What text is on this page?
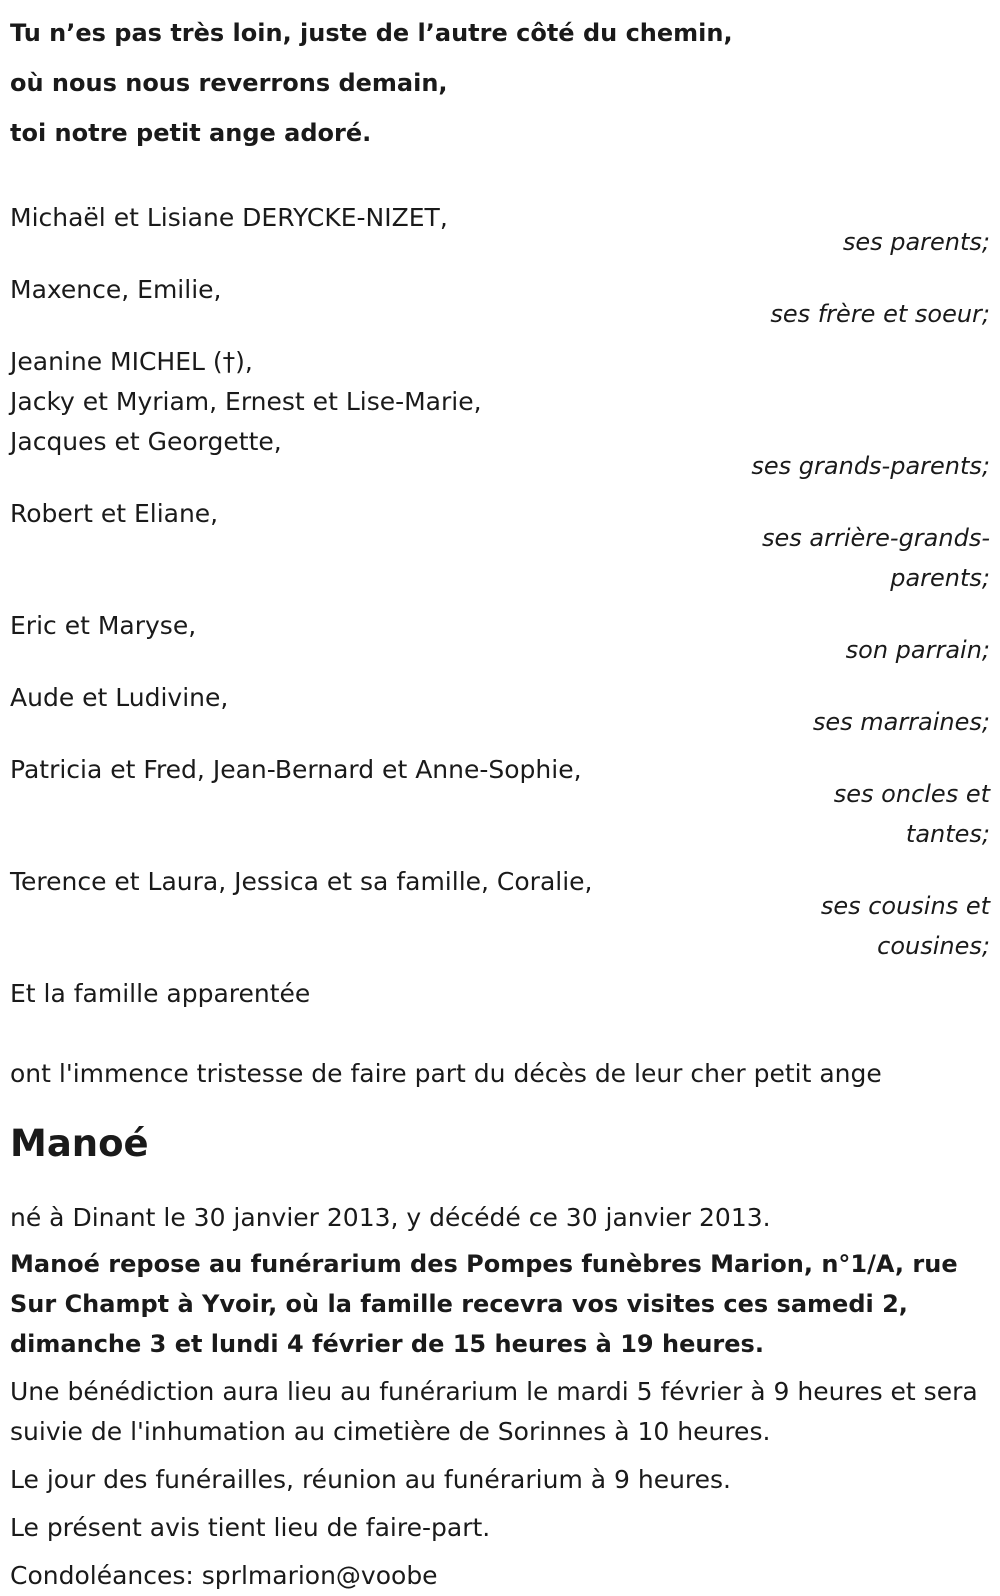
Tu n’es pas très loin, juste de l’autre côté du chemin,
où nous nous reverrons demain,
toi notre petit ange adoré.
Michaël et Lisiane DERYCKE-NIZET,
ses parents;
Maxence, Emilie,
ses frère et soeur;
Jeanine MICHEL (†),
Jacky et Myriam, Ernest et Lise-Marie,
Jacques et Georgette,
ses grands-parents;
Robert et Eliane,
ses arrière-grands-parents;
Eric et Maryse,
son parrain;
Aude et Ludivine,
ses marraines;
Patricia et Fred, Jean-Bernard et Anne-Sophie,
ses oncles et tantes;
Terence et Laura, Jessica et sa famille, Coralie,
ses cousins et cousines;
Et la famille apparentée
ont l'immence tristesse de faire part du décès de leur cher petit ange
Manoé
né à Dinant le 30 janvier 2013, y décédé ce 30 janvier 2013.
Manoé repose au funérarium des Pompes funèbres Marion, n°1/A, rue Sur Champt à Yvoir, où la famille recevra vos visites ces samedi 2, dimanche 3 et lundi 4 février de 15 heures à 19 heures.
Une bénédiction aura lieu au funérarium le mardi 5 février à 9 heures et sera suivie de l'inhumation au cimetière de Sorinnes à 10 heures.
Le jour des funérailles, réunion au funérarium à 9 heures.
Le présent avis tient lieu de faire-part.
Condoléances: sprlmarion@voobe
